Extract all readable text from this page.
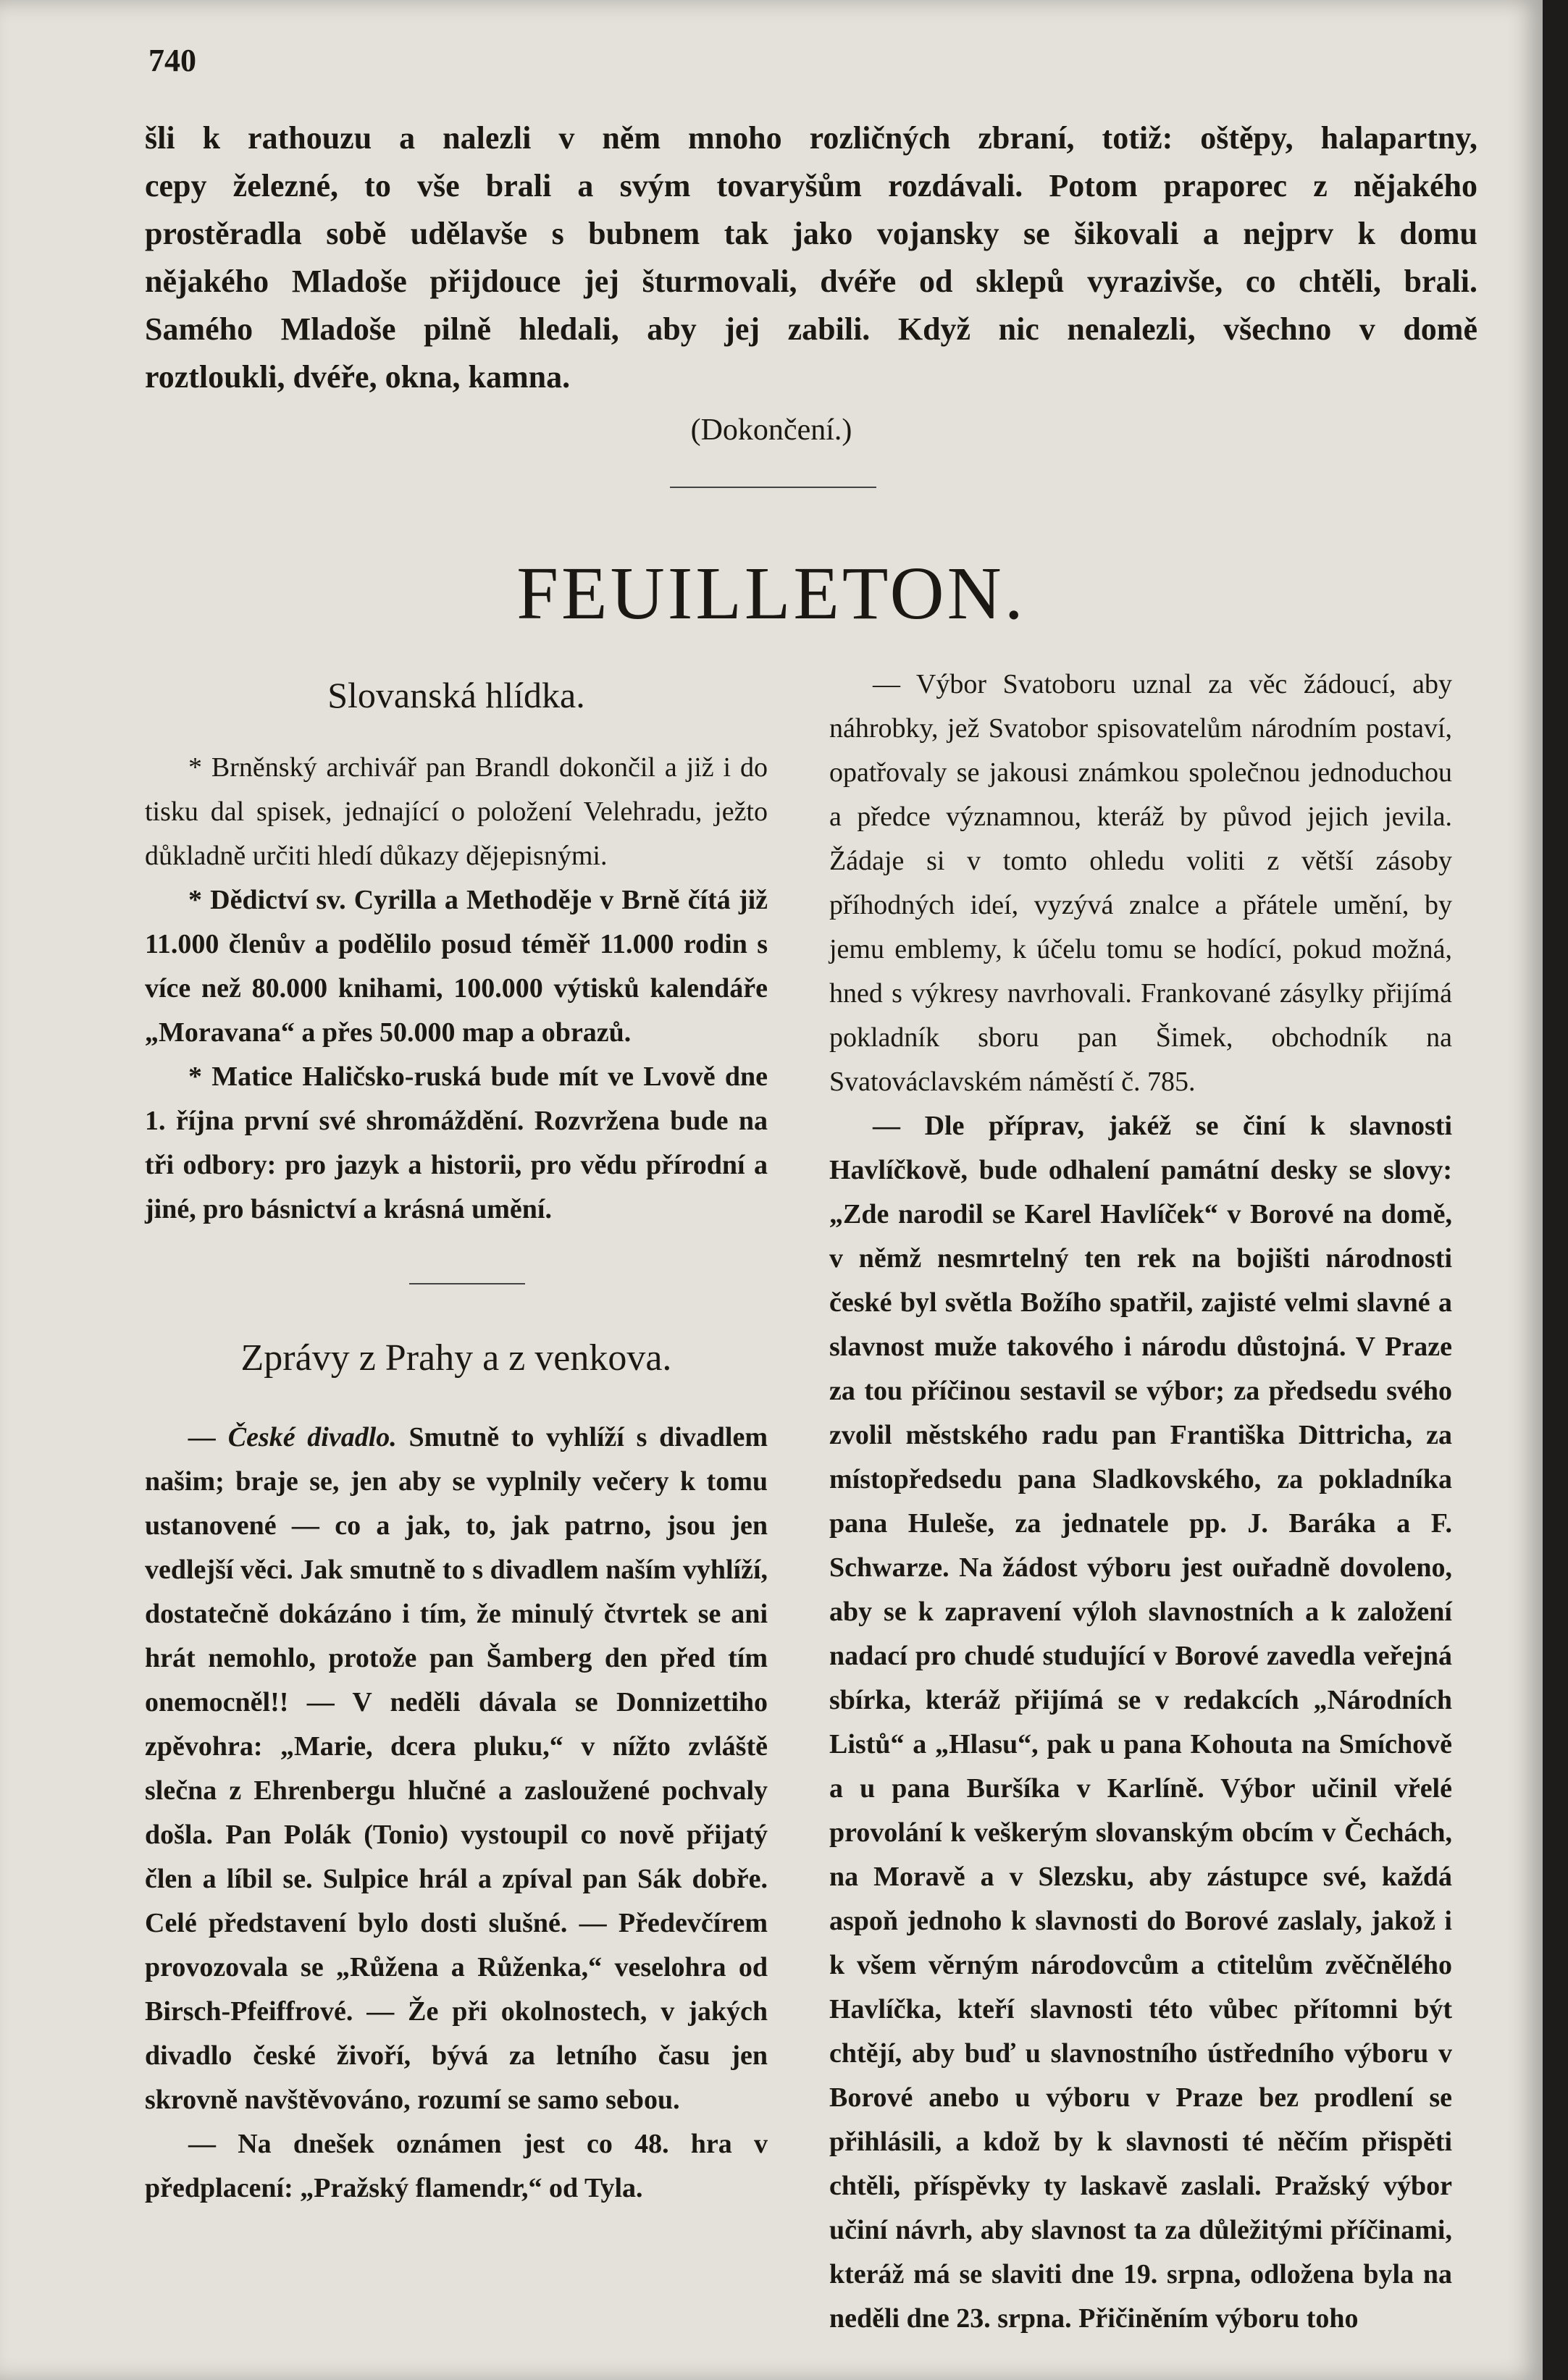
740

šli k rathouzu a nalezli v něm mnoho rozličných zbraní, totiž: oštěpy, halapartny,

cepy železné, to vše brali a svým tovaryšům rozdávali. Potom praporec z nějakého

prostěradla sobě udělavše s bubnem tak jako vojansky se šikovali a nejprv k domu

nějakého Mladoše přijdouce jej šturmovali, dvéře od sklepů vyrazivše, co chtěli, brali.

Samého Mladoše pilně hledali, aby jej zabili. Když nic nenalezli, všechno v domě

roztloukli, dvéře, okna, kamna.

(Dokončení.)
FEUILLETON.
Slovanská hlídka.

* Brněnský archivář pan Brandl dokončil a již i do tisku dal spisek, jednající o položení Velehradu, ježto důkladně určiti hledí důkazy dějepisnými.

* Dědictví sv. Cyrilla a Methoděje v Brně čítá již 11.000 členův a podělilo posud téměř 11.000 rodin s více než 80.000 knihami, 100.000 výtisků kalendáře „Moravana“ a přes 50.000 map a obrazů.

* Matice Haličsko-ruská bude mít ve Lvově dne 1. října první své shromáždění. Rozvržena bude na tři odbory: pro jazyk a historii, pro vědu přírodní a jiné, pro básnictví a krásná umění.

Zprávy z Prahy a z venkova.

— České divadlo. Smutně to vyhlíží s divadlem našim; braje se, jen aby se vyplnily večery k tomu ustanovené — co a jak, to, jak patrno, jsou jen vedlejší věci. Jak smutně to s divadlem naším vyhlíží, dostatečně dokázáno i tím, že minulý čtvrtek se ani hrát nemohlo, protože pan Šamberg den před tím onemocněl!! — V neděli dávala se Donnizettiho zpěvohra: „Marie, dcera pluku,“ v nížto zvláště slečna z Ehrenbergu hlučné a zasloužené pochvaly došla. Pan Polák (Tonio) vystoupil co nově přijatý člen a líbil se. Sulpice hrál a zpíval pan Sák dobře. Celé představení bylo dosti slušné. — Předevčírem provozovala se „Růžena a Růženka,“ veselohra od Birsch-Pfeiffrové. — Že při okolnostech, v jakých divadlo české živoří, bývá za letního času jen skrovně navštěvováno, rozumí se samo sebou.

— Na dnešek oznámen jest co 48. hra v předplacení: „Pražský flamendr,“ od Tyla.

— Výbor Svatoboru uznal za věc žádoucí, aby náhrobky, jež Svatobor spisovatelům národním postaví, opatřovaly se jakousi známkou společnou jednoduchou a předce významnou, kteráž by původ jejich jevila. Žádaje si v tomto ohledu voliti z větší zásoby příhodných ideí, vyzývá znalce a přátele umění, by jemu emblemy, k účelu tomu se hodící, pokud možná, hned s výkresy navrhovali. Frankované zásylky přijímá pokladník sboru pan Šimek, obchodník na Svatováclavském náměstí č. 785.

— Dle příprav, jakéž se činí k slavnosti Havlíčkově, bude odhalení památní desky se slovy: „Zde narodil se Karel Havlíček“ v Borové na domě, v němž nesmrtelný ten rek na bojišti národnosti české byl světla Božího spatřil, zajisté velmi slavné a slavnost muže takového i národu důstojná. V Praze za tou příčinou sestavil se výbor; za předsedu svého zvolil městského radu pan Františka Dittricha, za místopředsedu pana Sladkovského, za pokladníka pana Huleše, za jednatele pp. J. Baráka a F. Schwarze. Na žádost výboru jest ouřadně dovoleno, aby se k zapravení výloh slavnostních a k založení nadací pro chudé studující v Borové zavedla veřejná sbírka, kteráž přijímá se v redakcích „Národních Listů“ a „Hlasu“, pak u pana Kohouta na Smíchově a u pana Buršíka v Karlíně. Výbor učinil vřelé provolání k veškerým slovanským obcím v Čechách, na Moravě a v Slezsku, aby zástupce své, každá aspoň jednoho k slavnosti do Borové zaslaly, jakož i k všem věrným národovcům a ctitelům zvěčnělého Havlíčka, kteří slavnosti této vůbec přítomni být chtějí, aby buď u slavnostního ústředního výboru v Borové anebo u výboru v Praze bez prodlení se přihlásili, a kdož by k slavnosti té něčím přispěti chtěli, příspěvky ty laskavě zaslali. Pražský výbor učiní návrh, aby slavnost ta za důležitými příčinami, kteráž má se slaviti dne 19. srpna, odložena byla na neděli dne 23. srpna. Přičiněním výboru toho
